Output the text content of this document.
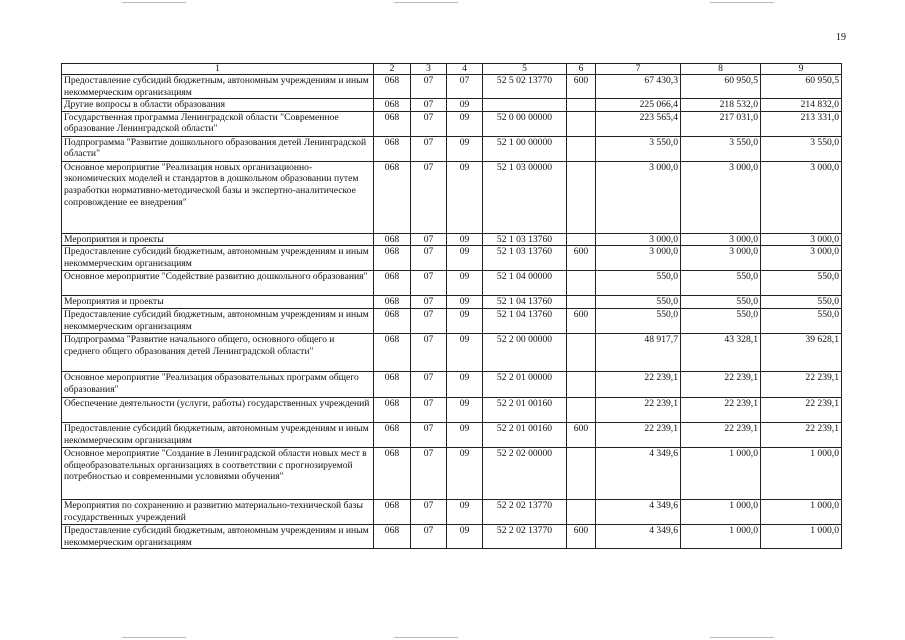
19
1	2	3	4	5	6	7	8	9
Предоставление субсидий бюджетным, автономным учреждениям и иным некоммерческим организациям	068	07	07	52 5 02 13770	600	67 430,3	60 950,5	60 950,5
Другие вопросы в области образования	068	07	09			225 066,4	218 532,0	214 832,0
Государственная программа Ленинградской области "Современное образование Ленинградской области"	068	07	09	52 0 00 00000		223 565,4	217 031,0	213 331,0
Подпрограмма "Развитие дошкольного образования детей Ленинградской области"	068	07	09	52 1 00 00000		3 550,0	3 550,0	3 550,0
Основное мероприятие "Реализация новых организационно-экономических моделей и стандартов в дошкольном образовании путем разработки нормативно-методической базы и экспертно-аналитическое сопровождение ее внедрения"	068	07	09	52 1 03 00000		3 000,0	3 000,0	3 000,0
Мероприятия и проекты	068	07	09	52 1 03 13760		3 000,0	3 000,0	3 000,0
Предоставление субсидий бюджетным, автономным учреждениям и иным некоммерческим организациям	068	07	09	52 1 03 13760	600	3 000,0	3 000,0	3 000,0
Основное мероприятие "Содействие развитию дошкольного образования"	068	07	09	52 1 04 00000		550,0	550,0	550,0
Мероприятия и проекты	068	07	09	52 1 04 13760		550,0	550,0	550,0
Предоставление субсидий бюджетным, автономным учреждениям и иным некоммерческим организациям	068	07	09	52 1 04 13760	600	550,0	550,0	550,0
Подпрограмма "Развитие начального общего, основного общего и среднего общего образования детей Ленинградской области"	068	07	09	52 2 00 00000		48 917,7	43 328,1	39 628,1
Основное мероприятие "Реализация образовательных программ общего образования"	068	07	09	52 2 01 00000		22 239,1	22 239,1	22 239,1
Обеспечение деятельности (услуги, работы) государственных учреждений	068	07	09	52 2 01 00160		22 239,1	22 239,1	22 239,1
Предоставление субсидий бюджетным, автономным учреждениям и иным некоммерческим организациям	068	07	09	52 2 01 00160	600	22 239,1	22 239,1	22 239,1
Основное мероприятие "Создание в Ленинградской области новых мест в общеобразовательных организациях в соответствии с прогнозируемой потребностью и современными условиями обучения"	068	07	09	52 2 02 00000		4 349,6	1 000,0	1 000,0
Мероприятия по сохранению и развитию материально-технической базы государственных учреждений	068	07	09	52 2 02 13770		4 349,6	1 000,0	1 000,0
Предоставление субсидий бюджетным, автономным учреждениям и иным некоммерческим организациям	068	07	09	52 2 02 13770	600	4 349,6	1 000,0	1 000,0
